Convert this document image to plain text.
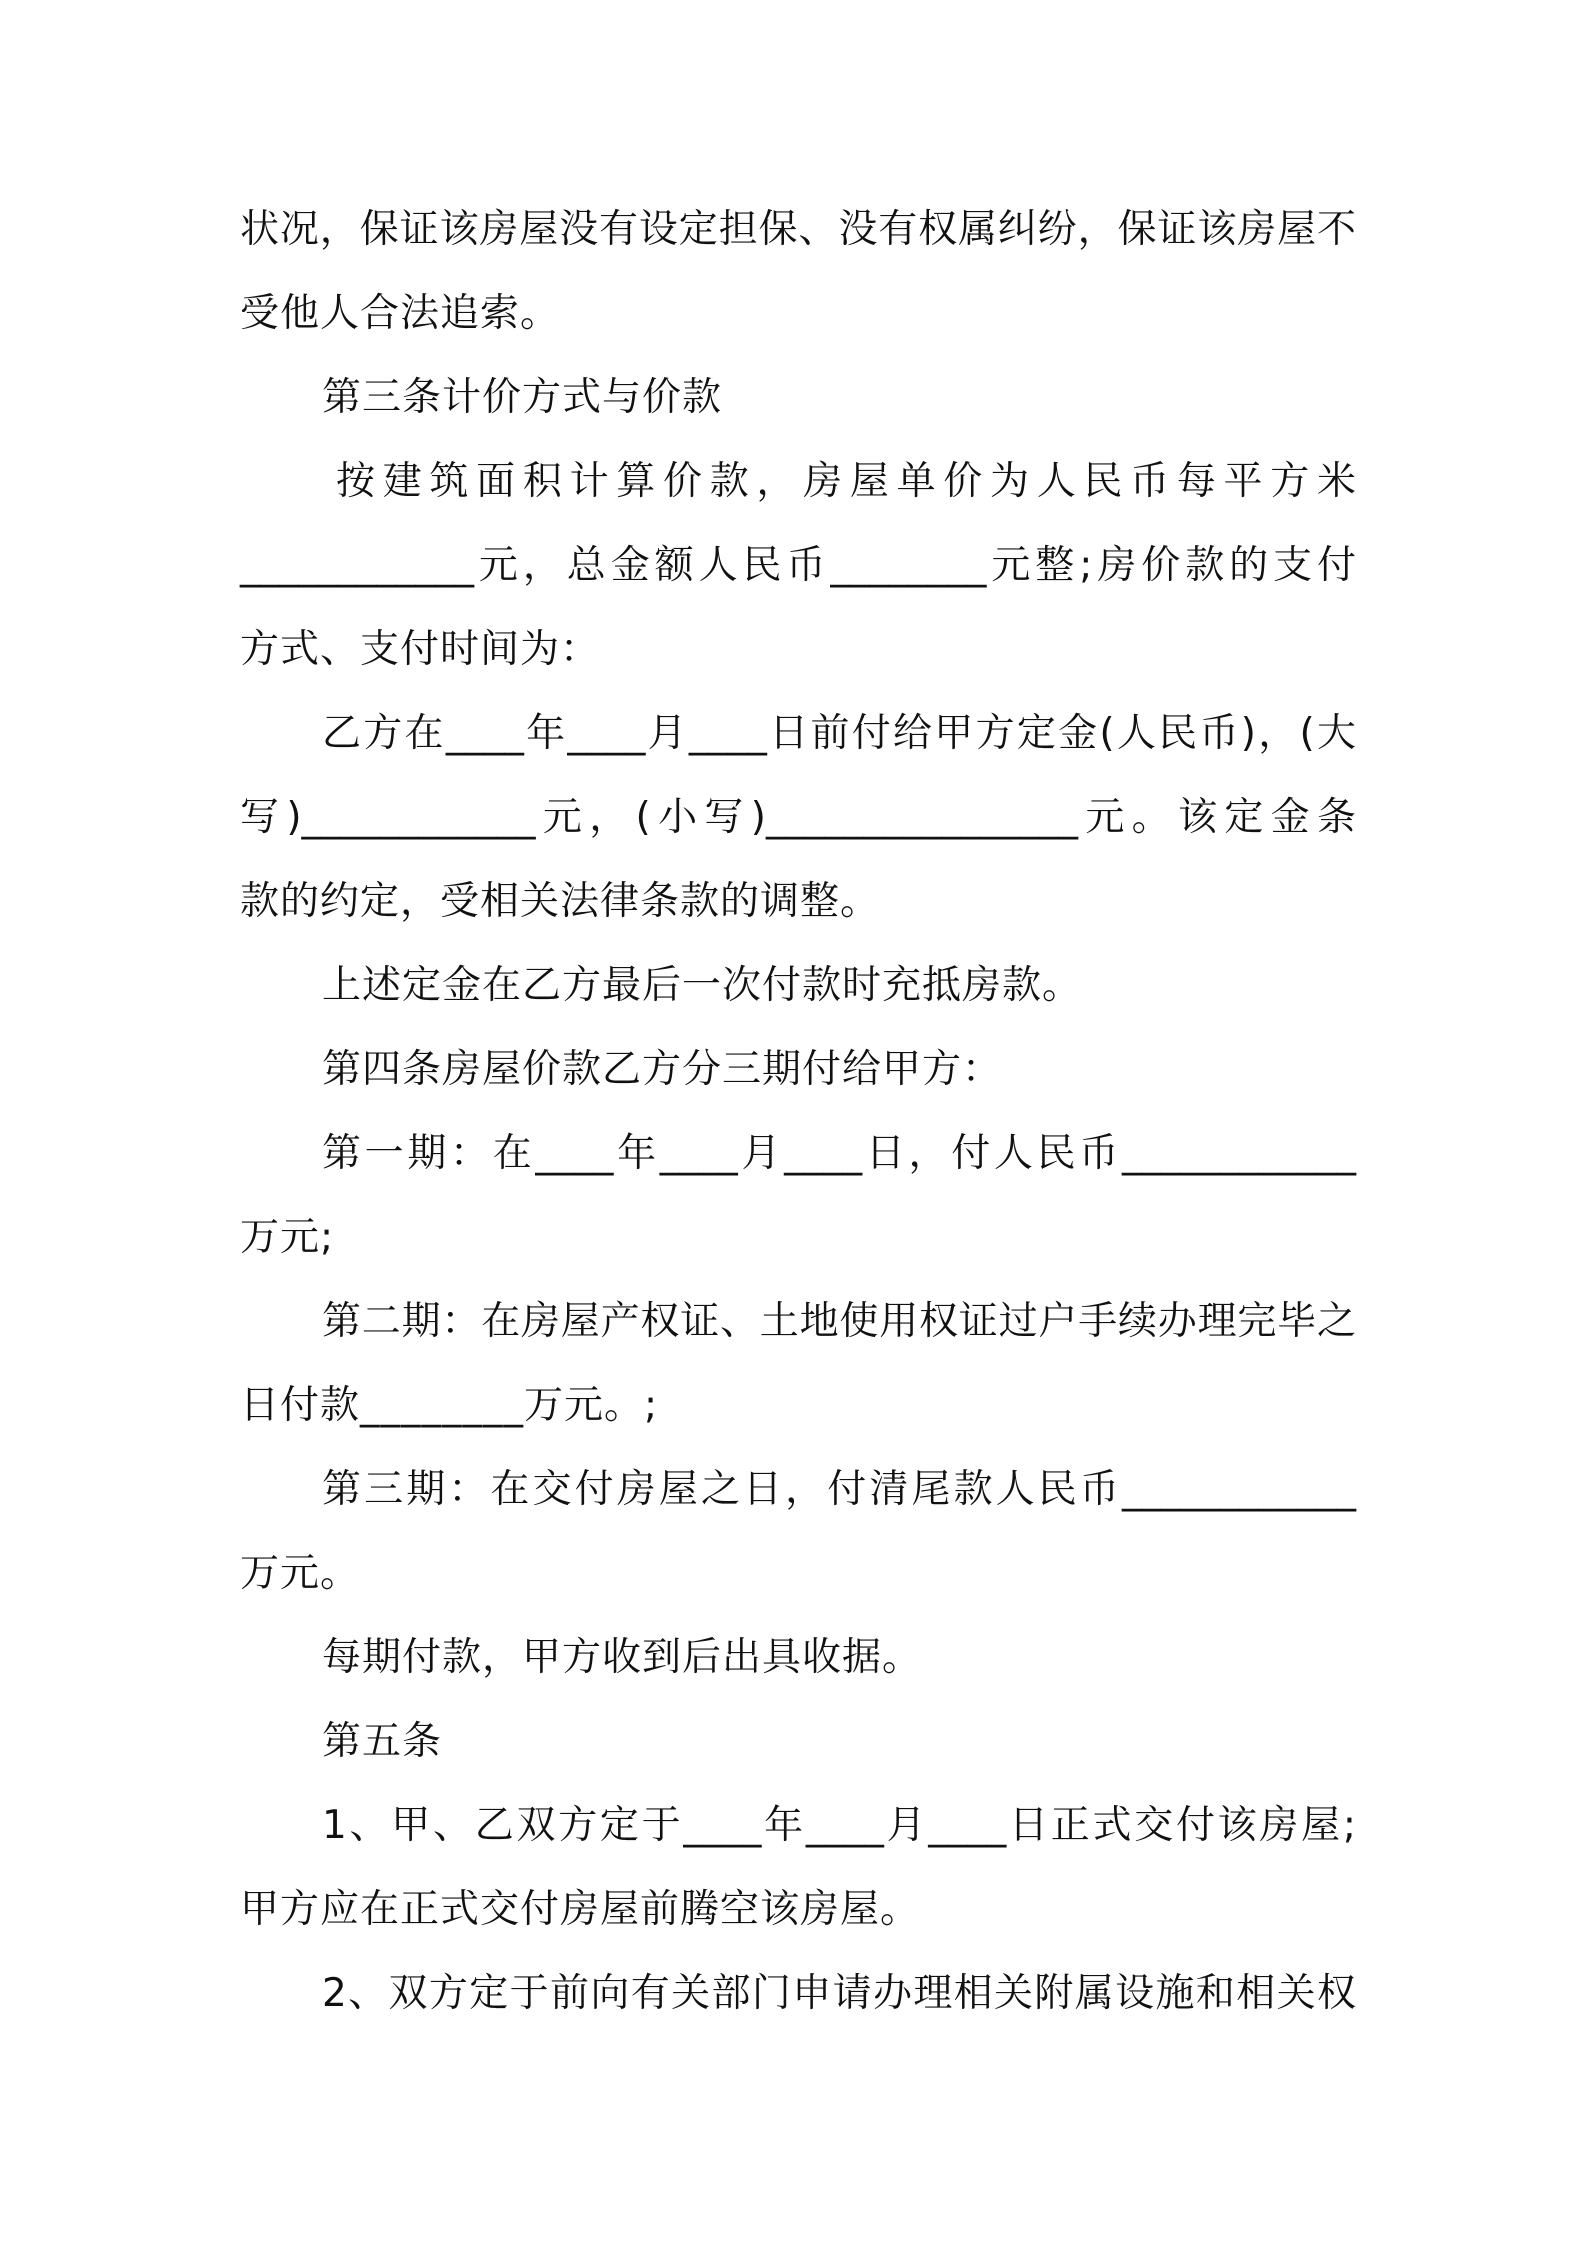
状况，保证该房屋没有设定担保、没有权属纠纷，保证该房屋不
受他人合法追索。
第三条计价方式与价款
按建筑面积计算价款，房屋单价为人民币每平方米
____________元，总金额人民币________元整;房价款的支付
方式、支付时间为：
乙方在____年____月____日前付给甲方定金(人民币)，(大
写)____________元，(小写)________________元。该定金条
款的约定，受相关法律条款的调整。
上述定金在乙方最后一次付款时充抵房款。
第四条房屋价款乙方分三期付给甲方：
第一期：在____年____月____日，付人民币____________
万元;
第二期：在房屋产权证、土地使用权证过户手续办理完毕之
日付款________万元。;
第三期：在交付房屋之日，付清尾款人民币____________
万元。
每期付款，甲方收到后出具收据。
第五条
1、甲、乙双方定于____年____月____日正式交付该房屋;
甲方应在正式交付房屋前腾空该房屋。
2、双方定于前向有关部门申请办理相关附属设施和相关权
